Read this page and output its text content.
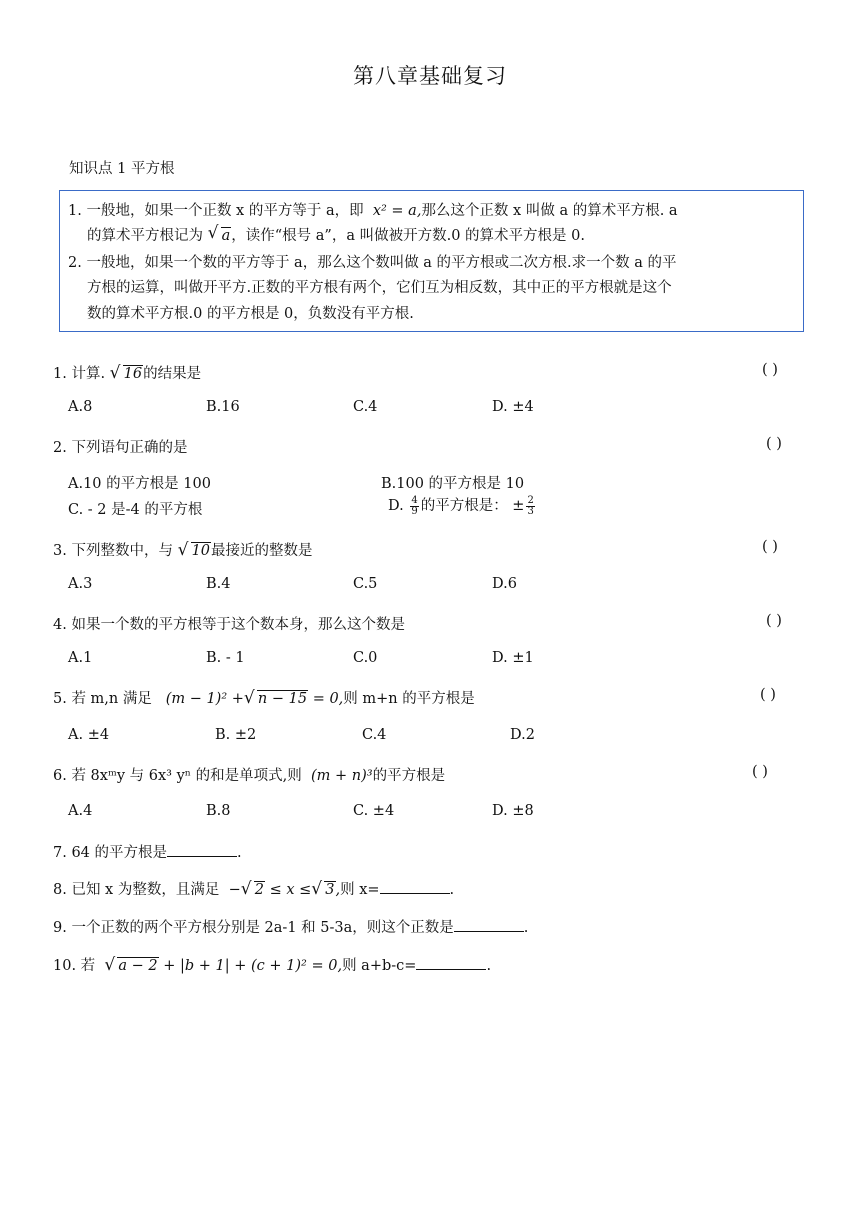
第八章基础复习
知识点 1 平方根
1. 一般地，如果一个正数 x 的平方等于 a，即 x² = a,那么这个正数 x 叫做 a 的算术平方根. a
的算术平方根记为 √ a，读作“根号 a”，a 叫做被开方数.0 的算术平方根是 0.
2. 一般地，如果一个数的平方等于 a，那么这个数叫做 a 的平方根或二次方根.求一个数 a 的平
方根的运算，叫做开平方.正数的平方根有两个，它们互为相反数，其中正的平方根就是这个
数的算术平方根.0 的平方根是 0，负数没有平方根.
1. 计算. √ 16的结果是	( )
A.8	B.16	C.4	D. ±4
2. 下列语句正确的是	( )
A.10 的平方根是 100	B.100 的平方根是 10
C. - 2 是-4 的平方根	D. $\frac{4}{9}$ 的平方根是： ± $\frac{2}{3}$
3. 下列整数中，与 √ 10最接近的整数是	( )
A.3	B.4	C.5	D.6
4. 如果一个数的平方根等于这个数本身，那么这个数是	( )
A.1	B. - 1	C.0	D. ±1
5. 若 m,n 满足 (m − 1)² + √ n − 15 = 0,则 m+n 的平方根是	( )
A. ±4	B. ±2	C.4	D.2
6. 若 8xᵐy 与 6x³ yⁿ 的和是单项式,则 (m + n)³的平方根是	( )
A.4	B.8	C. ±4	D. ±8
7. 64 的平方根是	.
8. 已知 x 为整数，且满足 − √ 2 ≤ x ≤ √ 3,则 x=	.
9. 一个正数的两个平方根分别是 2a-1 和 5-3a，则这个正数是	.
10. 若 √ a − 2 + |b + 1| + (c + 1)² = 0,则 a+b-c=	.
